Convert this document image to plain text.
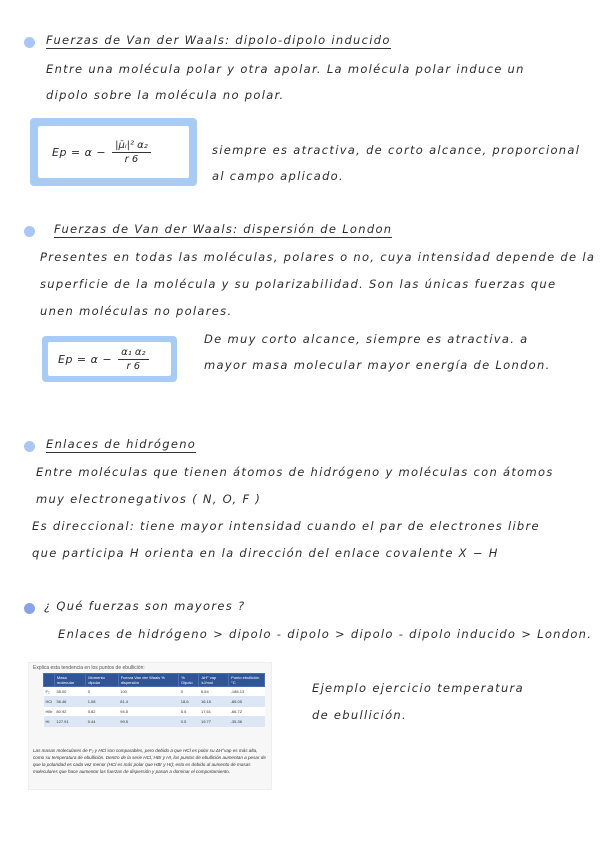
Fuerzas de Van der Waals: dipolo-dipolo inducido
Entre una molécula polar y otra apolar. La molécula polar induce un
dipolo sobre la molécula no polar.
$Ep = \alpha - \frac{\text{|μ̄ᵢ|² α₂}}{r 6}$	siempre es atractiva, de corto alcance, proporcional
al campo aplicado.
Fuerzas de Van der Waals: dispersión de London
Presentes en todas las moléculas, polares o no, cuya intensidad depende de la
superficie de la molécula y su polarizabilidad. Son las únicas fuerzas que
unen moléculas no polares.
$Ep = \alpha - \frac{\text{α₁ α₂}}{r 6}$
De muy corto alcance, siempre es atractiva. a
mayor masa molecular mayor energía de London.
Enlaces de hidrógeno
Entre moléculas que tienen átomos de hidrógeno y moléculas con átomos
muy electronegativos ( N, O, F )
Es direccional: tiene mayor intensidad cuando el par de electrones libre
que participa H orienta en la dirección del enlace covalente X − H
¿ Qué fuerzas son mayores ?
Enlaces de hidrógeno > dipolo - dipolo > dipolo - dipolo inducido > London.
Explica esta tendencia en los puntos de ebullición:
	Masa molecular	Momento dipolar	Fuerza Van der Waals % dispersión	% Dipolo	ΔH° vap kJ/mol	Punto ebullición °C
F₂	38.00	0	100	0	6.54	-188.13
HCl	36.46	1.08	81.4	18.6	16.15	-85.05
HBr	80.92	0.82	94.5	5.5	17.61	-66.72
HI	127.91	0.44	99.5	0.5	19.77	-35.36
Las masas moleculares de F₂ y HCl son comparables, pero debido a que HCl es polar su ΔH°vap es más alta, como su temperatura de ebullición. Dentro de la serie HCl, HBr y HI, los puntos de ebullición aumentan a pesar de que la polaridad es cada vez menor (HCl es más polar que HBr y HI); esto es debido al aumento de masas moleculares que hace aumentar las fuerzas de dispersión y pasan a dominar el comportamiento.
Ejemplo ejercicio temperatura
de ebullición.
